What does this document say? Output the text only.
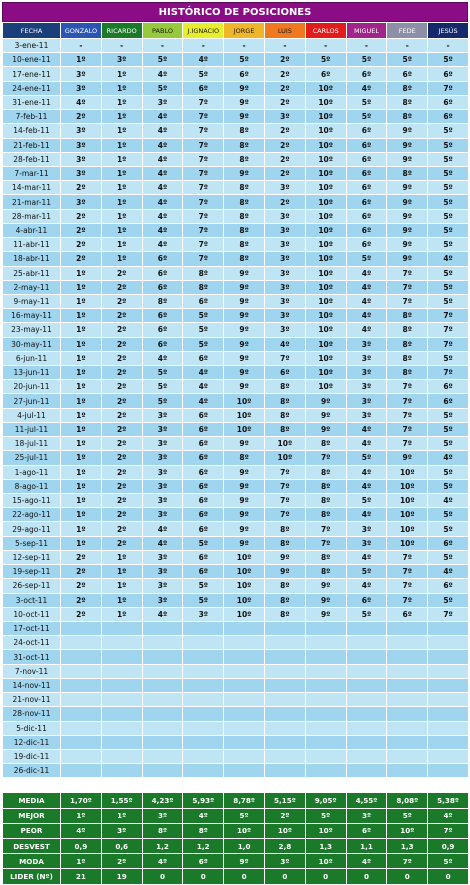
HISTÓRICO DE POSICIONES
FECHA	GONZALO	RICARDO	PABLO	J.IGNACIO	JORGE	LUIS	CARLOS	MIGUEL	FEDE	JESÚS
3-ene-11	-	-	-	-	-	-	-	-	-	-
10-ene-11	1º	3º	5º	4º	5º	2º	5º	5º	5º	5º
17-ene-11	3º	1º	4º	5º	6º	2º	6º	6º	6º	6º
24-ene-11	3º	1º	5º	6º	9º	2º	10º	4º	8º	7º
31-ene-11	4º	1º	3º	7º	9º	2º	10º	5º	8º	6º
7-feb-11	2º	1º	4º	7º	9º	3º	10º	5º	8º	6º
14-feb-11	3º	1º	4º	7º	8º	2º	10º	6º	9º	5º
21-feb-11	3º	1º	4º	7º	8º	2º	10º	6º	9º	5º
28-feb-11	3º	1º	4º	7º	8º	2º	10º	6º	9º	5º
7-mar-11	3º	1º	4º	7º	9º	2º	10º	6º	8º	5º
14-mar-11	2º	1º	4º	7º	8º	3º	10º	6º	9º	5º
21-mar-11	3º	1º	4º	7º	8º	2º	10º	6º	9º	5º
28-mar-11	2º	1º	4º	7º	8º	3º	10º	6º	9º	5º
4-abr-11	2º	1º	4º	7º	8º	3º	10º	6º	9º	5º
11-abr-11	2º	1º	4º	7º	8º	3º	10º	6º	9º	5º
18-abr-11	2º	1º	6º	7º	8º	3º	10º	5º	9º	4º
25-abr-11	1º	2º	6º	8º	9º	3º	10º	4º	7º	5º
2-may-11	1º	2º	6º	8º	9º	3º	10º	4º	7º	5º
9-may-11	1º	2º	8º	6º	9º	3º	10º	4º	7º	5º
16-may-11	1º	2º	6º	5º	9º	3º	10º	4º	8º	7º
23-may-11	1º	2º	6º	5º	9º	3º	10º	4º	8º	7º
30-may-11	1º	2º	6º	5º	9º	4º	10º	3º	8º	7º
6-jun-11	1º	2º	4º	6º	9º	7º	10º	3º	8º	5º
13-jun-11	1º	2º	5º	4º	9º	6º	10º	3º	8º	7º
20-jun-11	1º	2º	5º	4º	9º	8º	10º	3º	7º	6º
27-jun-11	1º	2º	5º	4º	10º	8º	9º	3º	7º	6º
4-jul-11	1º	2º	3º	6º	10º	8º	9º	3º	7º	5º
11-jul-11	1º	2º	3º	6º	10º	8º	9º	4º	7º	5º
18-jul-11	1º	2º	3º	6º	9º	10º	8º	4º	7º	5º
25-jul-11	1º	2º	3º	6º	8º	10º	7º	5º	9º	4º
1-ago-11	1º	2º	3º	6º	9º	7º	8º	4º	10º	5º
8-ago-11	1º	2º	3º	6º	9º	7º	8º	4º	10º	5º
15-ago-11	1º	2º	3º	6º	9º	7º	8º	5º	10º	4º
22-ago-11	1º	2º	3º	6º	9º	7º	8º	4º	10º	5º
29-ago-11	1º	2º	4º	6º	9º	8º	7º	3º	10º	5º
5-sep-11	1º	2º	4º	5º	9º	8º	7º	3º	10º	6º
12-sep-11	2º	1º	3º	6º	10º	9º	8º	4º	7º	5º
19-sep-11	2º	1º	3º	6º	10º	9º	8º	5º	7º	4º
26-sep-11	2º	1º	3º	5º	10º	8º	9º	4º	7º	6º
3-oct-11	2º	1º	3º	5º	10º	8º	9º	6º	7º	5º
10-oct-11	2º	1º	4º	3º	10º	8º	9º	5º	6º	7º
17-oct-11										
24-oct-11										
31-oct-11										
7-nov-11										
14-nov-11										
21-nov-11										
28-nov-11										
5-dic-11										
12-dic-11										
19-dic-11										
26-dic-11										
MEDIA	1,70º	1,55º	4,23º	5,93º	8,78º	5,15º	9,05º	4,55º	8,08º	5,38º
MEJOR	1º	1º	3º	4º	5º	2º	5º	3º	5º	4º
PEOR	4º	3º	8º	8º	10º	10º	10º	6º	10º	7º
DESVEST	0,9	0,6	1,2	1,2	1,0	2,8	1,3	1,1	1,3	0,9
MODA	1º	2º	4º	6º	9º	3º	10º	4º	7º	5º
LIDER (Nº)	21	19	0	0	0	0	0	0	0	0
